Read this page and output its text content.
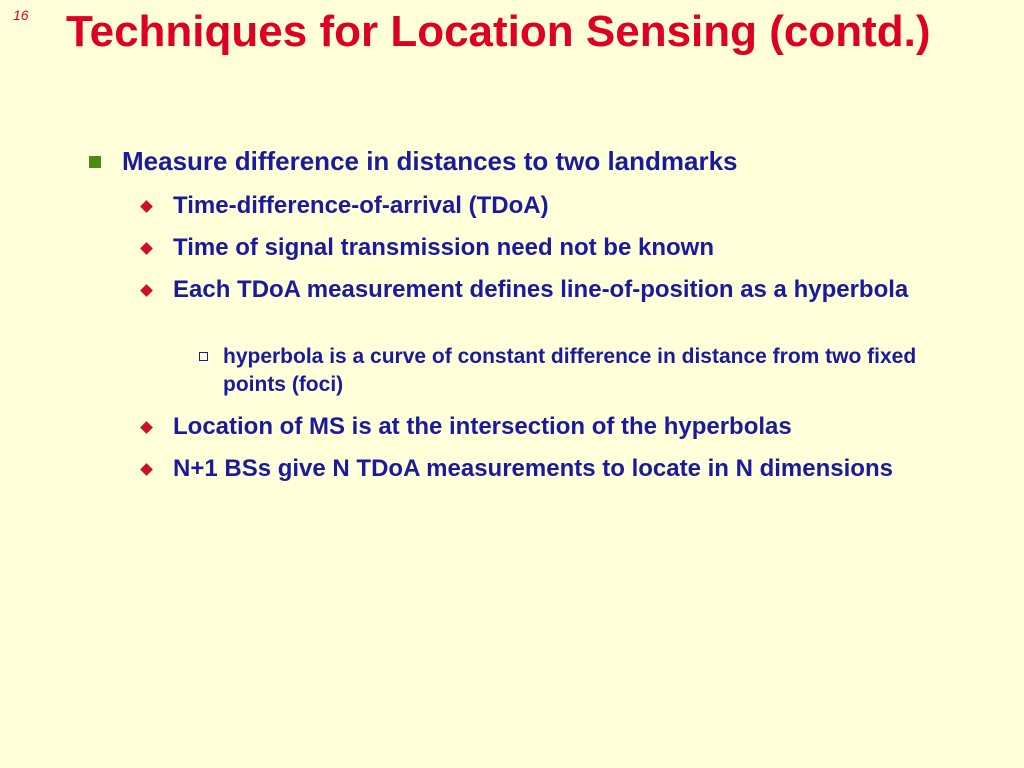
16 Techniques for Location Sensing (contd.)
Measure difference in distances to two landmarks
Time-difference-of-arrival (TDoA)
Time of signal transmission need not be known
Each TDoA measurement defines line-of-position as a hyperbola
hyperbola is a curve of constant difference in distance from two fixed points (foci)
Location of MS is at the intersection of the hyperbolas
N+1 BSs give N TDoA measurements to locate in N dimensions
